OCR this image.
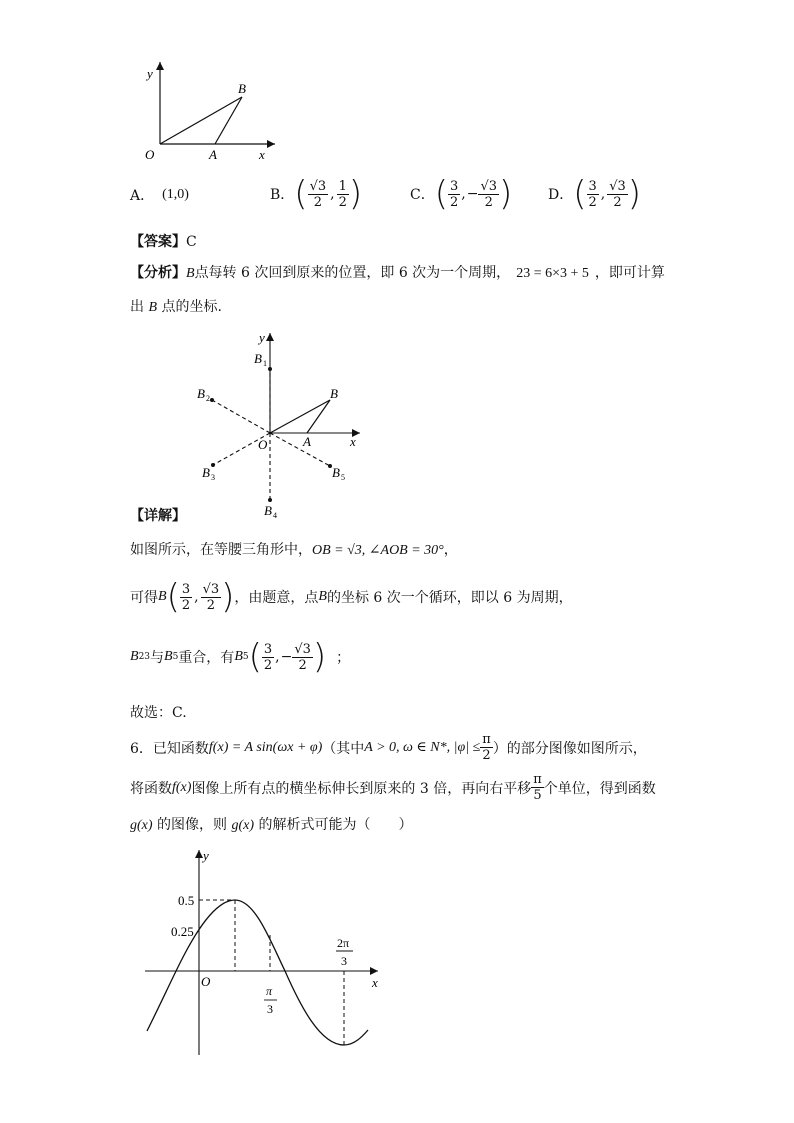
y
x
O	A
B
A． (1,0)	B． ( $\frac{√3}{2}$ , $\frac{1}{2}$ )	C． ( $\frac{3}{2}$ , − $\frac{√3}{2}$ )	D． ( $\frac{3}{2}$ , $\frac{√3}{2}$ )
【答案】C
【分析】B点每转 6 次回到原来的位置，即 6 次为一个周期， 23 = 6×3 + 5 ，即可计算
出 B 点的坐标.
y
x
O	A
B
B 1
B 2
B 3
B 4
B 5
【详解】
如图所示，在等腰三角形中，OB = √3, ∠AOB = 30°，
可得 B ( $\frac{3}{2}$ , $\frac{√3}{2}$ ) ，由题意，点 B 的坐标 6 次一个循环，即以 6 为周期，
B 23 与 B 5 重合，有 B 5 ( $\frac{3}{2}$ , − $\frac{√3}{2}$ ) ；
故选：C.
6．已知函数 f(x) = A sin(ωx + φ) （其中 A > 0, ω ∈ N*, $|\varphi| \le \frac{\pi}{2}$ ）的部分图像如图所示，
将函数 f(x) 图像上所有点的横坐标伸长到原来的 3 倍，再向右平移 $\frac{\pi}{5}$ 个单位，得到函数
g(x) 的图像，则 g(x) 的解析式可能为（　　）
y
x
O
0.5
0.25
π
3
2π
3
